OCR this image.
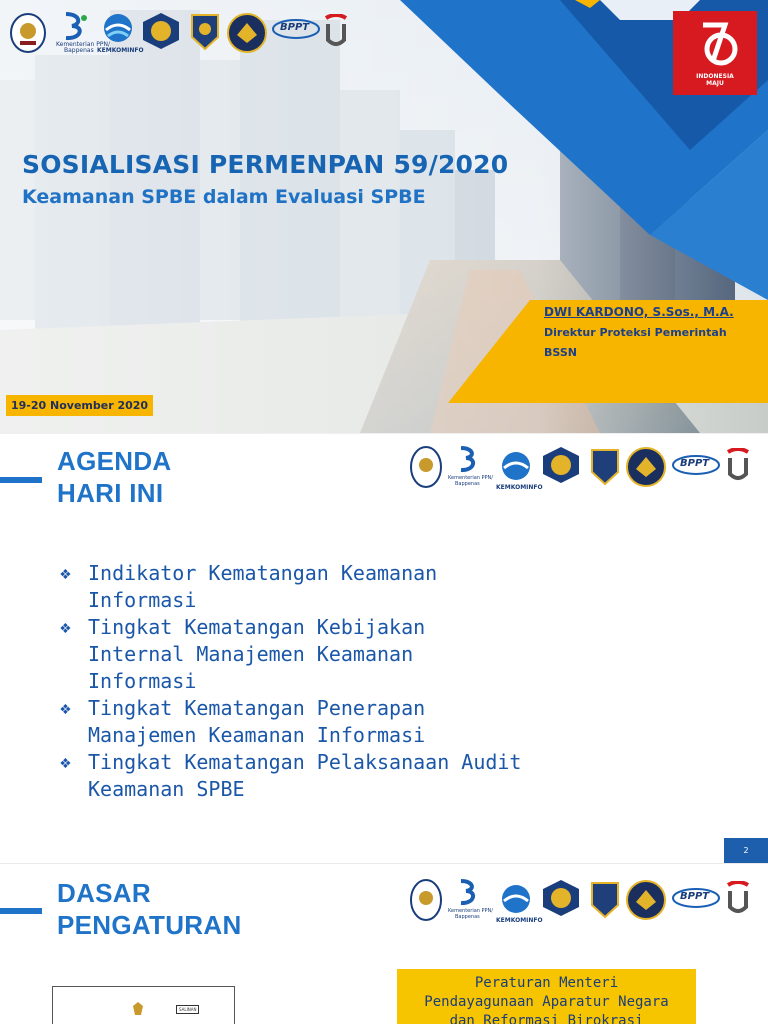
Kementerian PPN/
Bappenas KEMKOMINFO
BPPT
INDONESIA
MAJU
SOSIALISASI PERMENPAN 59/2020
Keamanan SPBE dalam Evaluasi SPBE
DWI KARDONO, S.Sos., M.A.
Direktur Proteksi Pemerintah
BSSN
19-20 November 2020
AGENDA
HARI INI	Kementerian PPN/
Bappenas	KEMKOMINFO
BPPT
❖ Indikator Kematangan Keamanan
Informasi
❖ Tingkat Kematangan Kebijakan
Internal Manajemen Keamanan
Informasi
❖ Tingkat Kematangan Penerapan
Manajemen Keamanan Informasi
❖ Tingkat Kematangan Pelaksanaan Audit
Keamanan SPBE
2
DASAR
PENGATURAN	Kementerian PPN/
Bappenas	KEMKOMINFO
BPPT
SALINAN
Peraturan Menteri
Pendayagunaan Aparatur Negara
dan Reformasi Birokrasi
